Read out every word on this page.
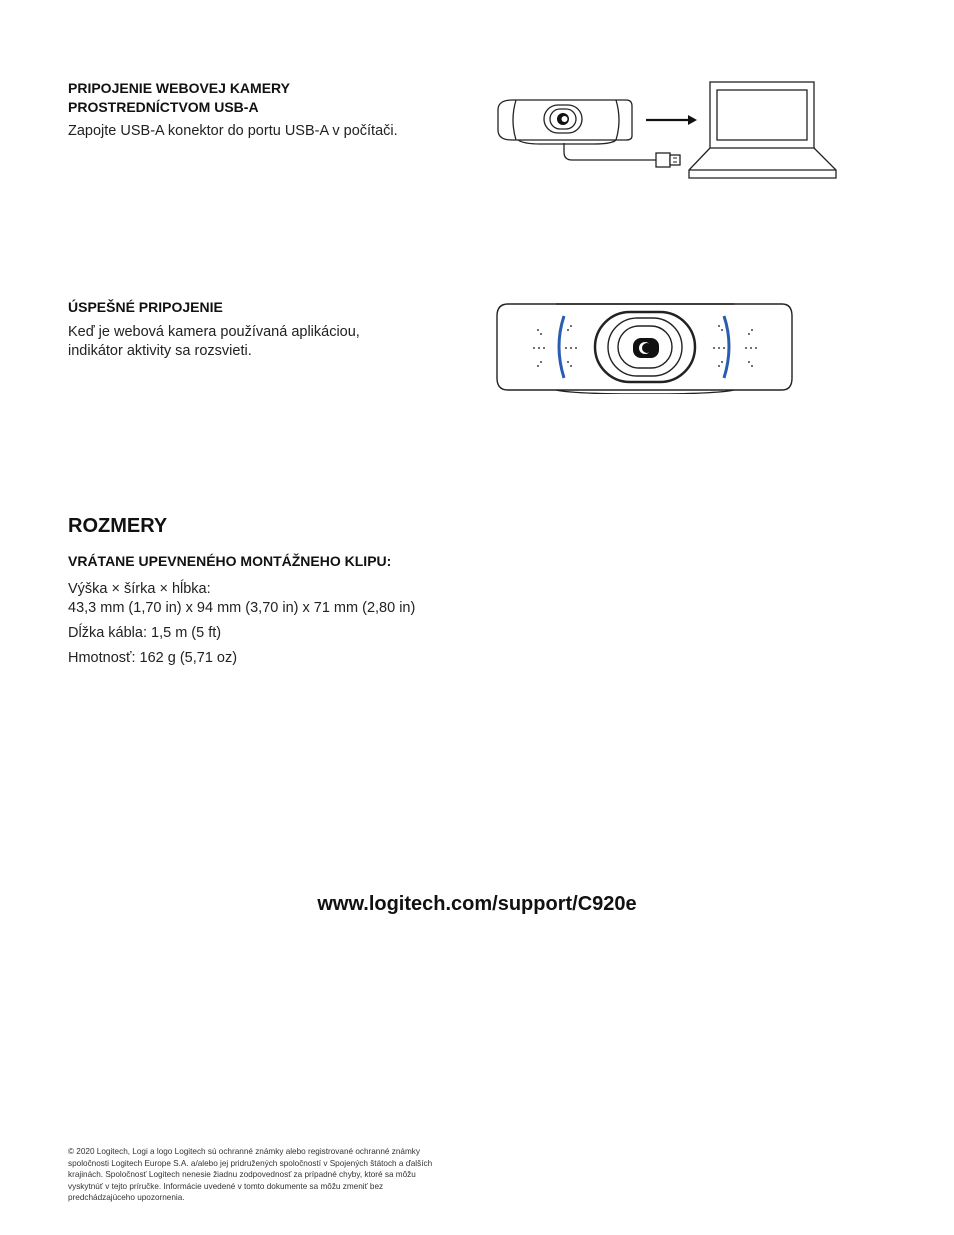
PRIPOJENIE WEBOVEJ KAMERY

PROSTREDNÍCTVOM USB-A

Zapojte USB-A konektor do portu USB-A v počítači.

ÚSPEŠNÉ PRIPOJENIE

Keď je webová kamera používaná aplikáciou,

indikátor aktivity sa rozsvieti.

ROZMERY

VRÁTANE UPEVNENÉHO MONTÁŽNEHO KLIPU:

Výška × šírka × hĺbka:

43,3 mm (1,70 in) x 94 mm (3,70 in) x 71 mm (2,80 in)

Dĺžka kábla: 1,5 m (5 ft)

Hmotnosť: 162 g (5,71 oz)

www.logitech.com/support/C920e
© 2020 Logitech, Logi a logo Logitech sú ochranné známky alebo registrované ochranné známky
spoločnosti Logitech Europe S.A. a/alebo jej pridružených spoločností v Spojených štátoch a ďalších
krajinách. Spoločnosť Logitech nenesie žiadnu zodpovednosť za prípadné chyby, ktoré sa môžu
vyskytnúť v tejto príručke. Informácie uvedené v tomto dokumente sa môžu zmeniť bez
predchádzajúceho upozornenia.
